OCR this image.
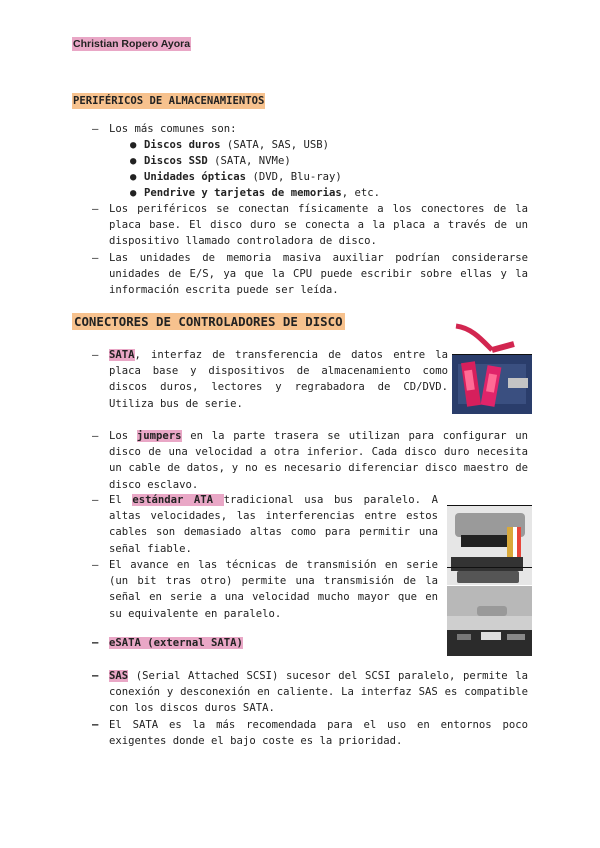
Christian Ropero Ayora
PERIFÉRICOS DE ALMACENAMIENTOS
– Los más comunes son:
● Discos duros (SATA, SAS, USB)
● Discos SSD (SATA, NVMe)
● Unidades ópticas (DVD, Blu-ray)
● Pendrive y tarjetas de memorias, etc.
– Los periféricos se conectan físicamente a los conectores de la placa base. El disco duro se conecta a la placa a través de un dispositivo llamado controladora de disco.
– Las unidades de memoria masiva auxiliar podrían considerarse unidades de E/S, ya que la CPU puede escribir sobre ellas y la información escrita puede ser leída.
CONECTORES DE CONTROLADORES DE DISCO
– SATA, interfaz de transferencia de datos entre la placa base y dispositivos de almacenamiento como discos duros, lectores y regrabadora de CD/DVD. Utiliza bus de serie.
– Los jumpers en la parte trasera se utilizan para configurar un disco de una velocidad a otra inferior. Cada disco duro necesita un cable de datos, y no es necesario diferenciar disco maestro de disco esclavo.
– El estándar ATA tradicional usa bus paralelo. A altas velocidades, las interferencias entre estos cables son demasiado altas como para permitir una señal fiable.
– El avance en las técnicas de transmisión en serie (un bit tras otro) permite una transmisión de la señal en serie a una velocidad mucho mayor que en su equivalente en paralelo.
– eSATA (external SATA)
– SAS (Serial Attached SCSI) sucesor del SCSI paralelo, permite la conexión y desconexión en caliente. La interfaz SAS es compatible con los discos duros SATA.
– El SATA es la más recomendada para el uso en entornos poco exigentes donde el bajo coste es la prioridad.
